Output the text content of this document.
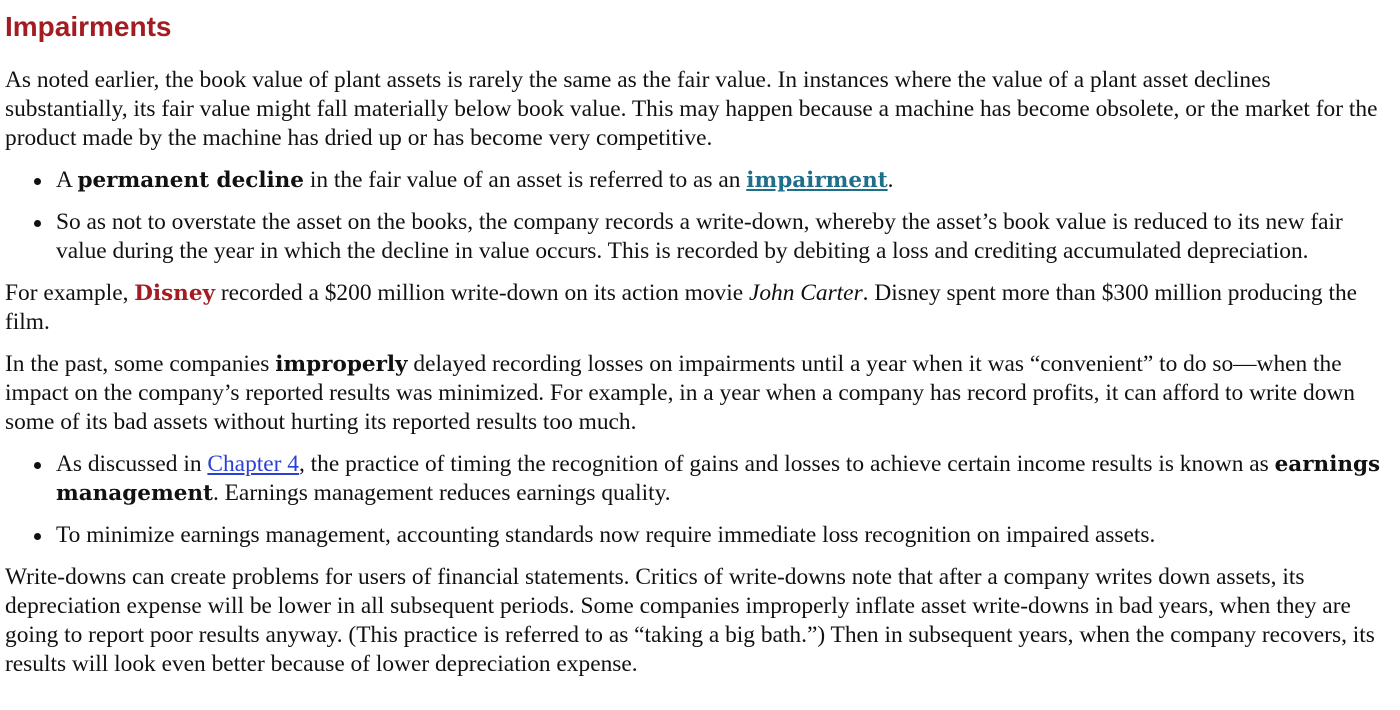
Impairments

As noted earlier, the book value of plant assets is rarely the same as the fair value. In instances where the value of a plant asset declines substantially, its fair value might fall materially below book value. This may happen because a machine has become obsolete, or the market for the product made by the machine has dried up or has become very competitive.

A permanent decline in the fair value of an asset is referred to as an impairment.
So as not to overstate the asset on the books, the company records a write-down, whereby the asset’s book value is reduced to its new fair value during the year in which the decline in value occurs. This is recorded by debiting a loss and crediting accumulated depreciation.

For example, Disney recorded a $200 million write-down on its action movie John Carter. Disney spent more than $300 million producing the film.

In the past, some companies improperly delayed recording losses on impairments until a year when it was “convenient” to do so—when the impact on the company’s reported results was minimized. For example, in a year when a company has record profits, it can afford to write down some of its bad assets without hurting its reported results too much.

As discussed in Chapter 4, the practice of timing the recognition of gains and losses to achieve certain income results is known as earnings management. Earnings management reduces earnings quality.
To minimize earnings management, accounting standards now require immediate loss recognition on impaired assets.

Write-downs can create problems for users of financial statements. Critics of write-downs note that after a company writes down assets, its depreciation expense will be lower in all subsequent periods. Some companies improperly inflate asset write-downs in bad years, when they are going to report poor results anyway. (This practice is referred to as “taking a big bath.”) Then in subsequent years, when the company recovers, its results will look even better because of lower depreciation expense.
